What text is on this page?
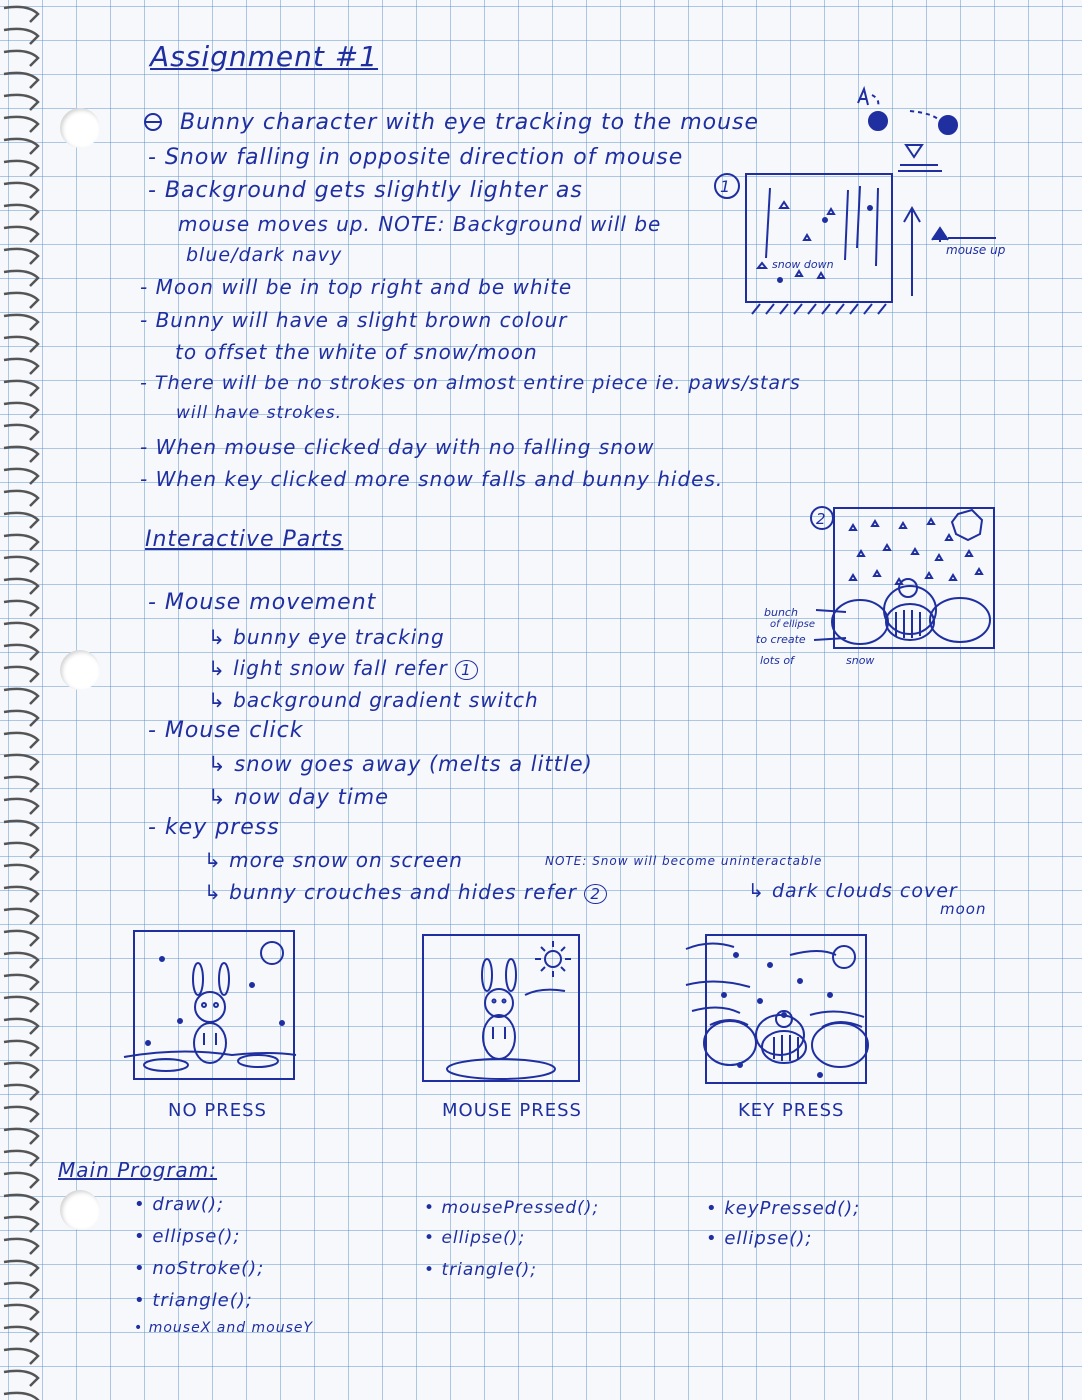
Assignment #1
Bunny character with eye tracking to the mouse
- Snow falling in opposite direction of mouse
- Background gets slightly lighter as
mouse moves up. NOTE: Background will be
blue/dark navy
- Moon will be in top right and be white
- Bunny will have a slight brown colour
to offset the white of snow/moon
- There will be no strokes on almost entire piece ie. paws/stars
will have strokes.
- When mouse clicked day with no falling snow
- When key clicked more snow falls and bunny hides.
1
snow down
mouse up
Interactive Parts
- Mouse movement
↳ bunny eye tracking
↳ light snow fall refer 1
↳ background gradient switch
- Mouse click
↳ snow goes away (melts a little)
↳ now day time
- key press
↳ more snow on screen	NOTE: Snow will become uninteractable
↳ bunny crouches and hides refer 2	↳ dark clouds cover
moon
2
bunch
of ellipse
to create
lots of	snow
NO PRESS	MOUSE PRESS	KEY PRESS
Main Program:
• draw();
• ellipse();
• noStroke();
• triangle();
• mouseX and mouseY
• mousePressed();
• ellipse();
• triangle();
• keyPressed();
• ellipse();
